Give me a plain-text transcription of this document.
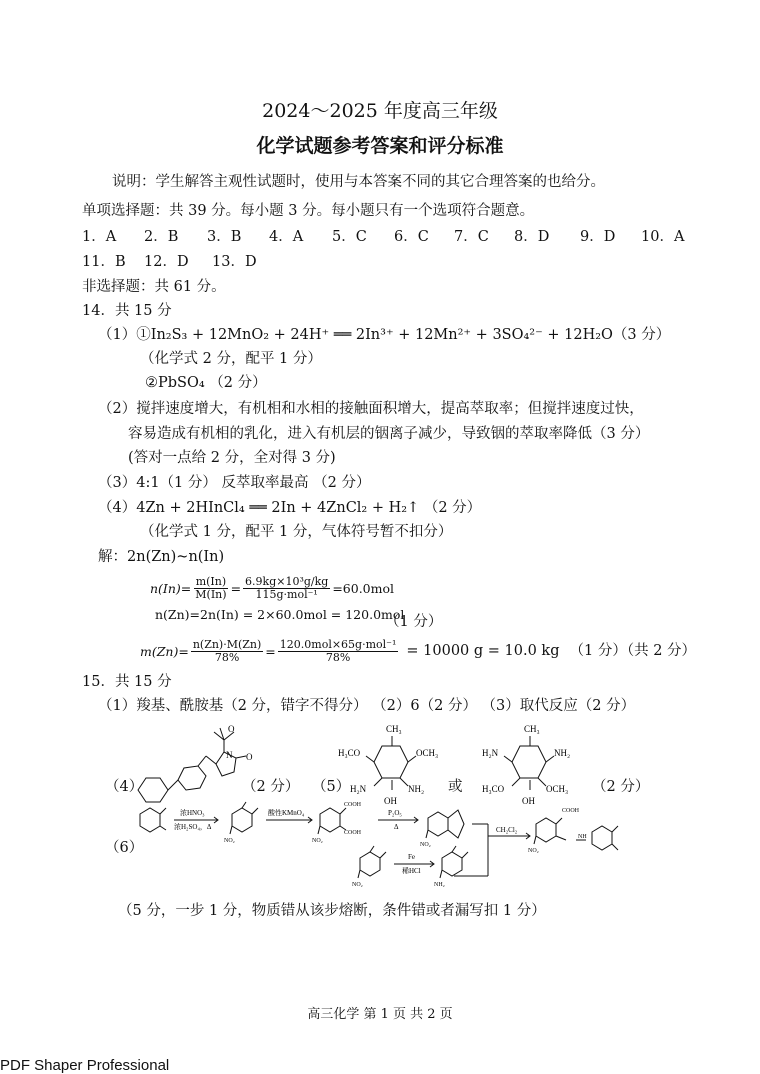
2024～2025 年度高三年级
化学试题参考答案和评分标准
说明：学生解答主观性试题时，使用与本答案不同的其它合理答案的也给分。
单项选择题：共 39 分。每小题 3 分。每小题只有一个选项符合题意。
1．A 2．B 3．B 4．A 5．C 6．C 7．C 8．D 9．D 10．A
11．B 12．D 13．D
非选择题：共 61 分。
14．共 15 分
（1）①In₂S₃ + 12MnO₂ + 24H⁺ ══ 2In³⁺ + 12Mn²⁺ + 3SO₄²⁻ + 12H₂O（3 分）
（化学式 2 分，配平 1 分）
②PbSO₄ （2 分）
（2）搅拌速度增大，有机相和水相的接触面积增大，提高萃取率；但搅拌速度过快，
容易造成有机相的乳化，进入有机层的铟离子减少，导致铟的萃取率降低（3 分）
(答对一点给 2 分，全对得 3 分)
（3）4:1（1 分） 反萃取率最高 （2 分）
（4）4Zn + 2HInCl₄ ══ 2In + 4ZnCl₂ + H₂↑ （2 分）
（化学式 1 分，配平 1 分，气体符号暂不扣分）
解：2n(Zn)~n(In)
$n(In)= \frac{m(In)}{M(In)} = \frac{\text{6.9kg×10³g/kg}}{\text{115g·mol⁻¹}} =60.0mol$
n(Zn)=2n(In) = 2×60.0mol = 120.0mol
（1 分）
$m(Zn)= \frac{n(Zn)\cdot M(Zn)}{78\%} = \frac{\text{120.0mol×65g·mol⁻¹}}{78\%} = 10000$ g = 10.0 kg （1 分）（共 2 分）
15．共 15 分
（1）羧基、酰胺基（2 分，错字不得分） （2）6（2 分） （3）取代反应（2 分）
（4）	（2 分） （5）	或	（2 分）
（6）
O
N O
CH₃
H₃CO	OCH₃
H₂N	NH₂
OH
CH₃
H₂N	NH₂
H₃CO	OCH₃
OH
浓HNO₃
浓H₂SO₄，Δ
NO₂
酸性KMnO₄
COOH
COOH
NO₂
P₂O₅
Δ
NO₂
NO₂
Fe
稀HCl
NH₂
CH₂Cl₂
COOH
NO₂
NH
（5 分，一步 1 分，物质错从该步熔断，条件错或者漏写扣 1 分）
高三化学 第 1 页 共 2 页
PDF Shaper Professional
